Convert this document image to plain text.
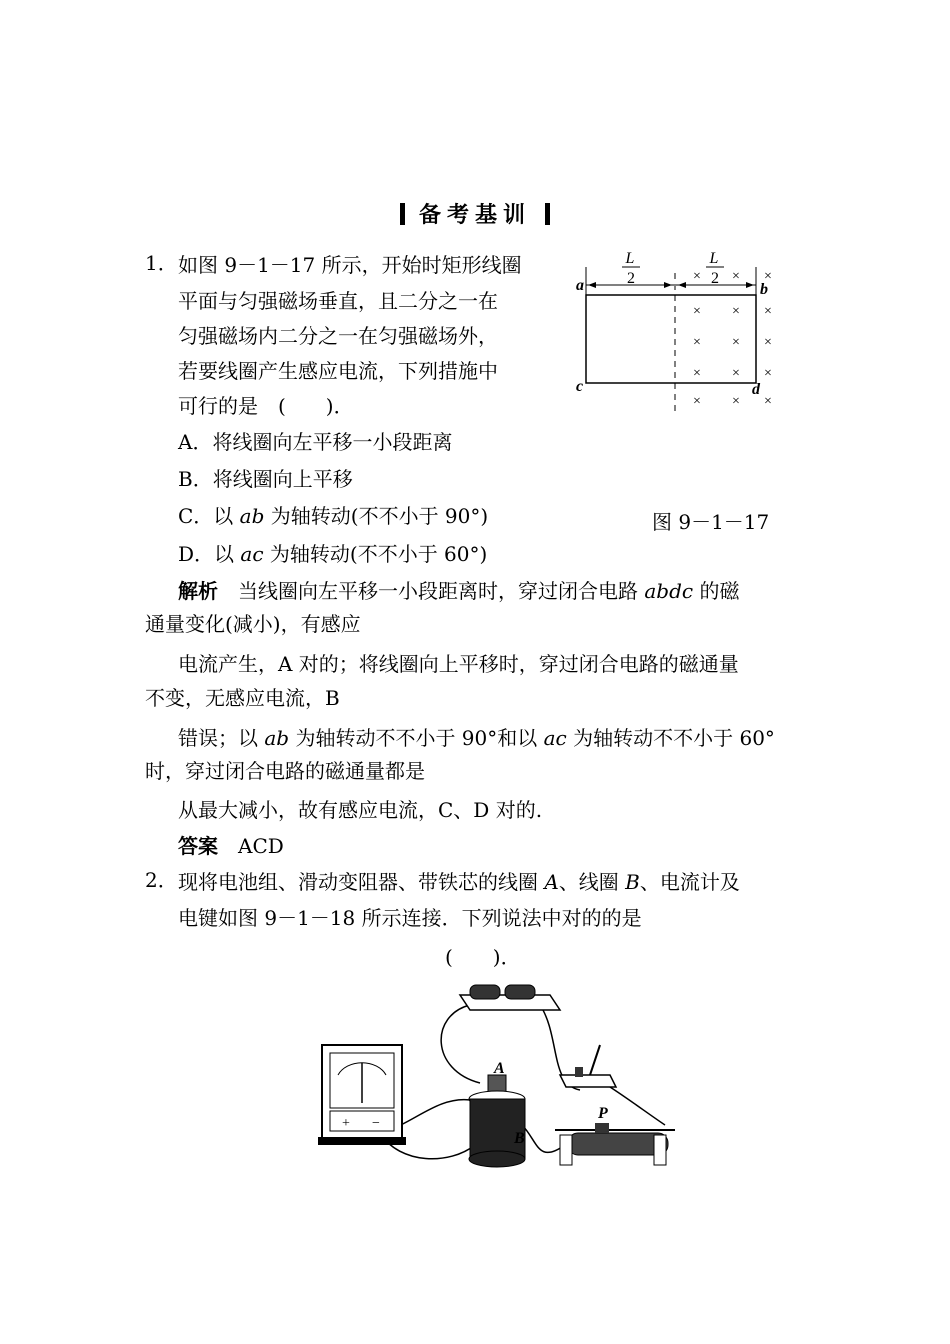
备考基训
1． 如图 9－1－17 所示，开始时矩形线圈
平面与匀强磁场垂直，且二分之一在
匀强磁场内二分之一在匀强磁场外，
若要线圈产生感应电流，下列措施中
可行的是　(　　)．
A．将线圈向左平移一小段距离
B．将线圈向上平移
C．以 ab 为轴转动(不不小于 90°)
D．以 ac 为轴转动(不不小于 60°)
L
2
L
2
a	b
c	d
× × ×
× × ×
× × ×
× × ×
× × ×
图 9－1－17
解析　当线圈向左平移一小段距离时，穿过闭合电路 abdc 的磁
通量变化(减小)，有感应
电流产生，A 对的；将线圈向上平移时，穿过闭合电路的磁通量
不变，无感应电流，B
错误；以 ab 为轴转动不不小于 90°和以 ac 为轴转动不不小于 60°
时，穿过闭合电路的磁通量都是
从最大减小，故有感应电流，C、D 对的.
答案　ACD
2． 现将电池组、滑动变阻器、带铁芯的线圈 A、线圈 B、电流计及
电键如图 9－1－18 所示连接．下列说法中对的的是
(　　)．
+ −
A
B
P
